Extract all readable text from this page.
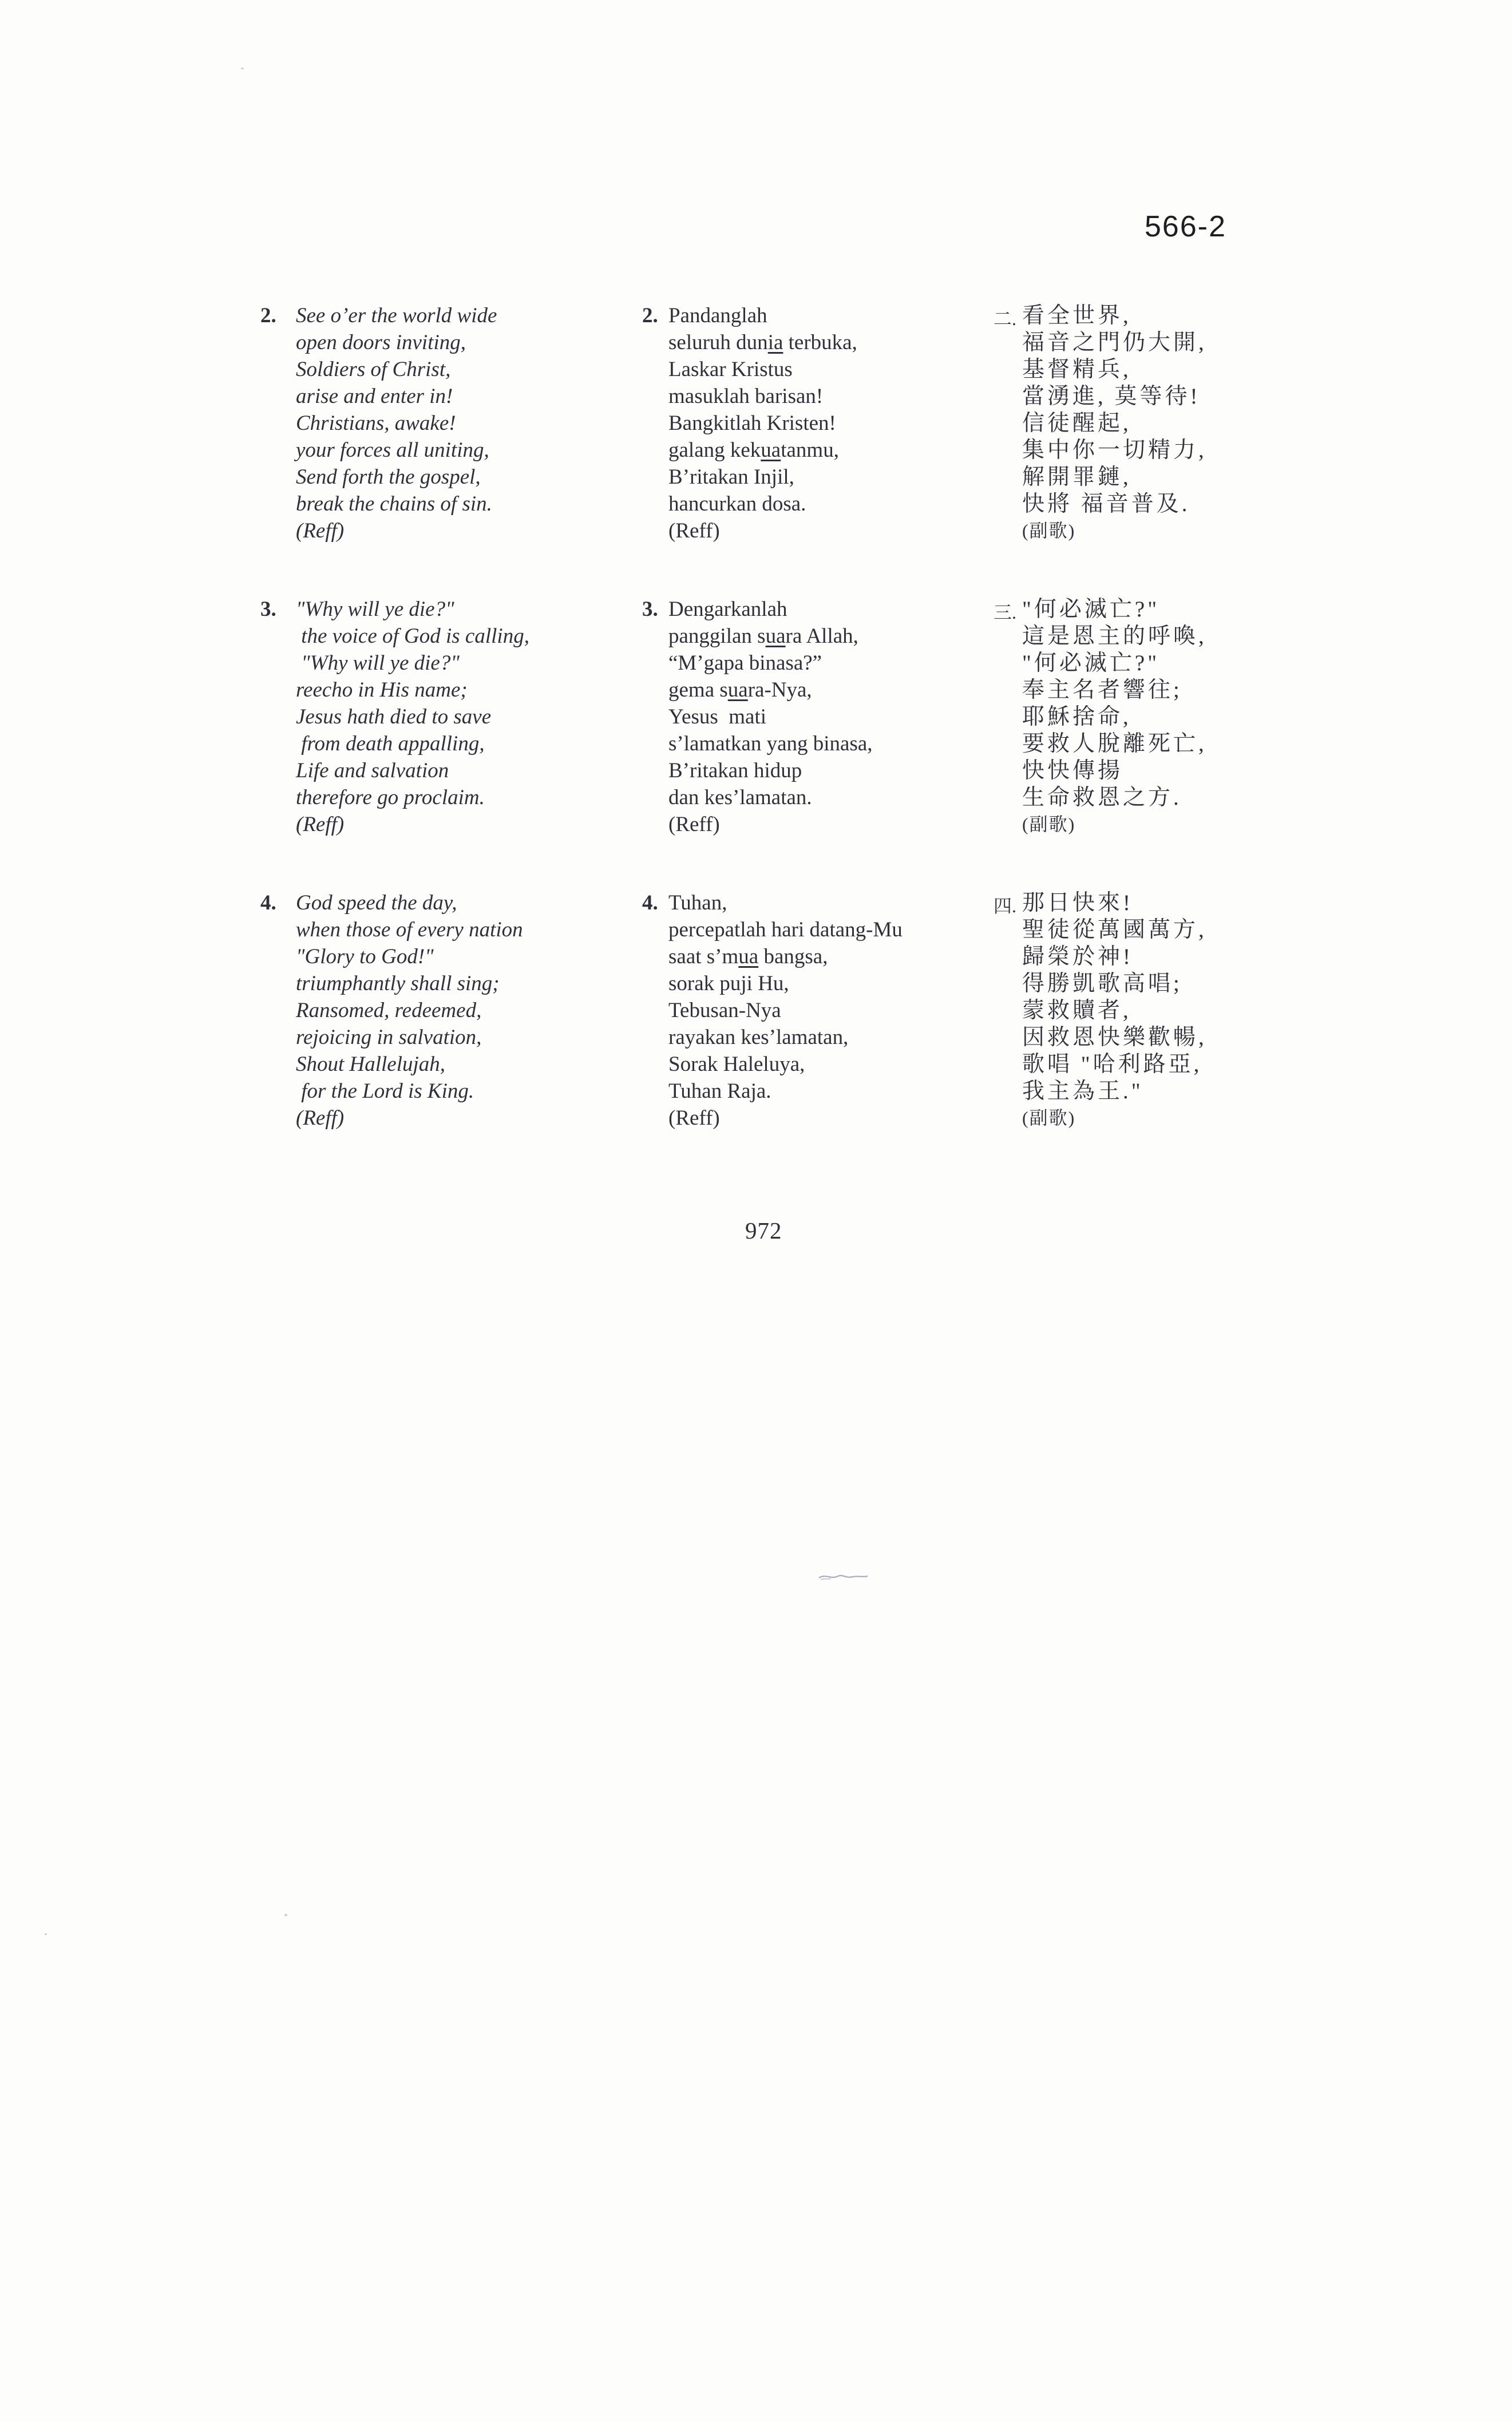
566-2
2. See o’er the world wide
open doors inviting,
Soldiers of Christ,
arise and enter in!
Christians, awake!
your forces all uniting,
Send forth the gospel,
break the chains of sin.
(Reff)
3. "Why will ye die?"
the voice of God is calling,
"Why will ye die?"
reecho in His name;
Jesus hath died to save
from death appalling,
Life and salvation
therefore go proclaim.
(Reff)
4. God speed the day,
when those of every nation
"Glory to God!"
triumphantly shall sing;
Ransomed, redeemed,
rejoicing in salvation,
Shout Hallelujah,
for the Lord is King.
(Reff)
2. Pandanglah
seluruh dunia terbuka,
Laskar Kristus
masuklah barisan!
Bangkitlah Kristen!
galang kekuatanmu,
B’ritakan Injil,
hancurkan dosa.
(Reff)
3. Dengarkanlah
panggilan suara Allah,
“M’gapa binasa?”
gema suara-Nya,
Yesus  mati
s’lamatkan yang binasa,
B’ritakan hidup
dan kes’lamatan.
(Reff)
4. Tuhan,
percepatlah hari datang-Mu
saat s’mua bangsa,
sorak puji Hu,
Tebusan-Nya
rayakan kes’lamatan,
Sorak Haleluya,
Tuhan Raja.
(Reff)
二. 看全世界,
福音之門仍大開,
基督精兵,
當湧進, 莫等待!
信徒醒起,
集中你一切精力,
解開罪鏈,
快將 福音普及.
(副歌)
三. "何必滅亡?"
這是恩主的呼喚,
"何必滅亡?"
奉主名者響往;
耶穌捨命,
要救人脫離死亡,
快快傳揚
生命救恩之方.
(副歌)
四. 那日快來!
聖徒從萬國萬方,
歸榮於神!
得勝凱歌高唱;
蒙救贖者,
因救恩快樂歡暢,
歌唱 "哈利路亞,
我主為王."
(副歌)
972
